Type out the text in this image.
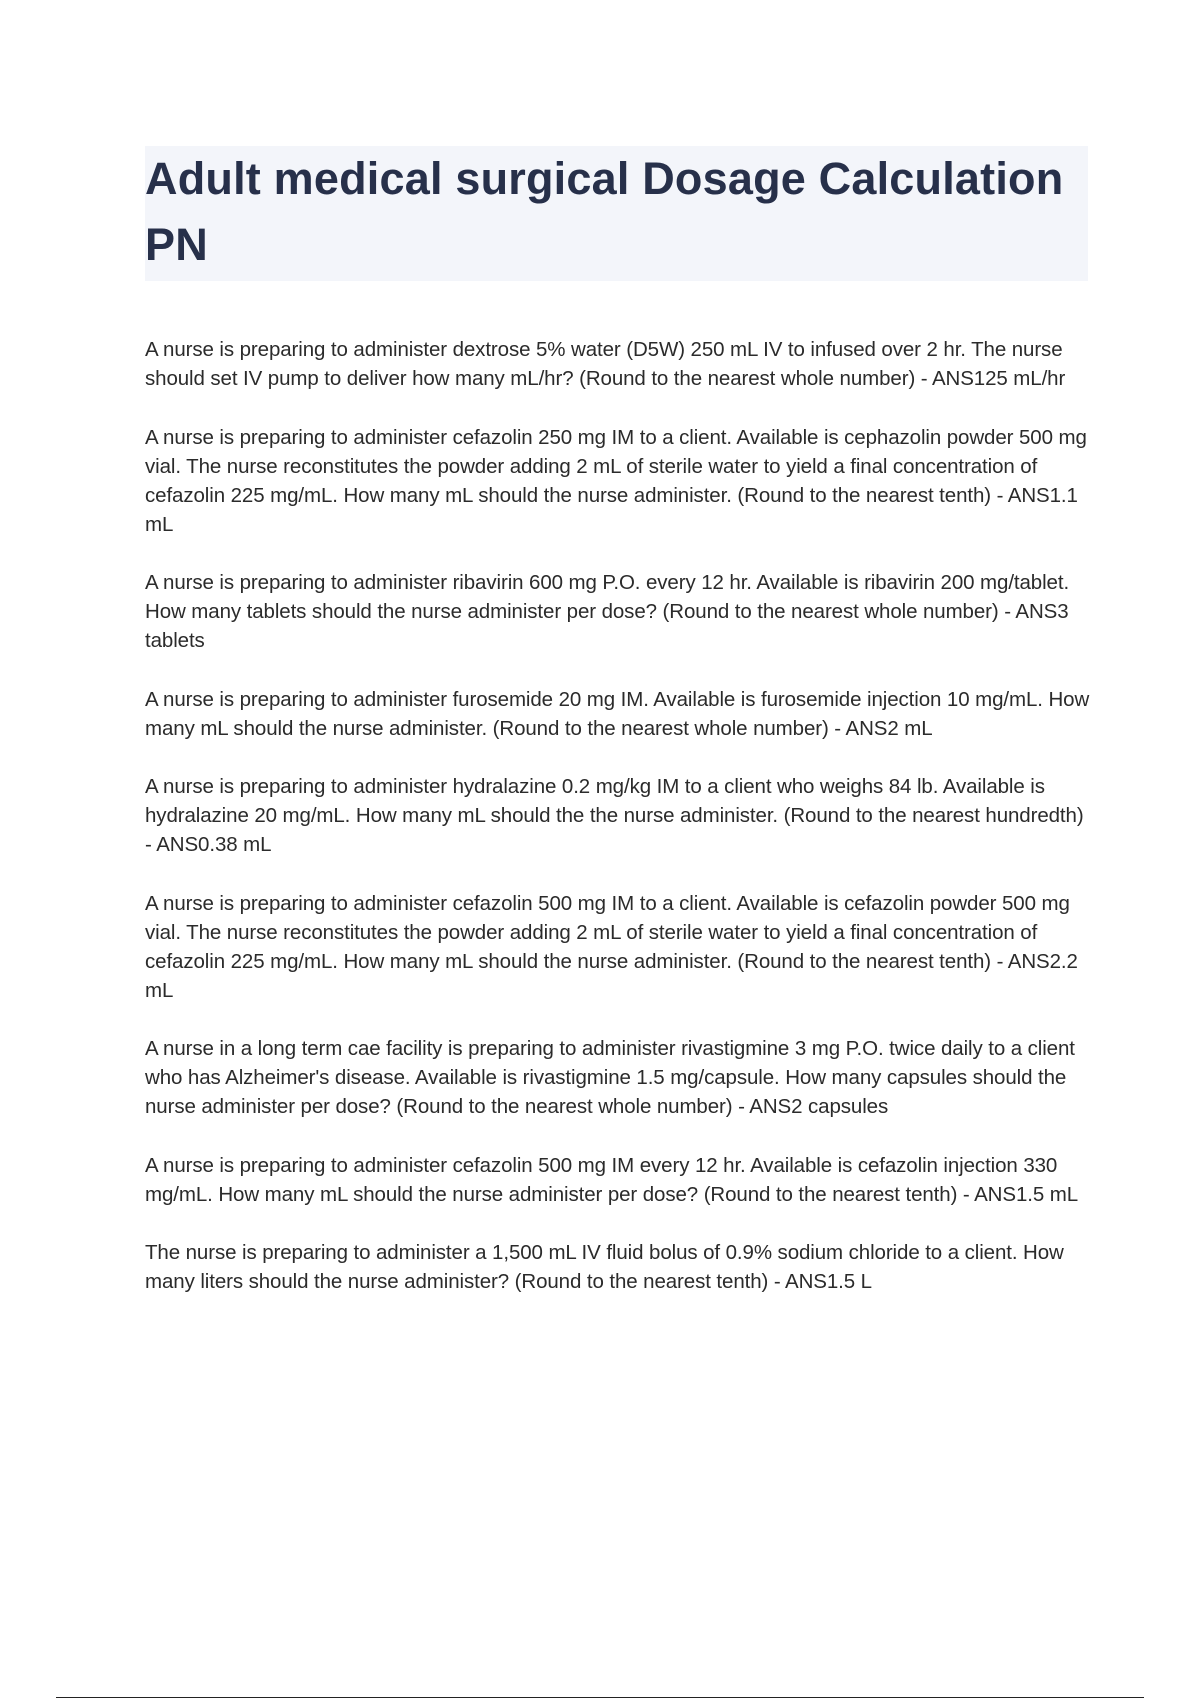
Adult medical surgical Dosage Calculation PN

A nurse is preparing to administer dextrose 5% water (D5W) 250 mL IV to infused over 2 hr. The nurse should set IV pump to deliver how many mL/hr? (Round to the nearest whole number) - ANS125 mL/hr

A nurse is preparing to administer cefazolin 250 mg IM to a client. Available is cephazolin powder 500 mg vial. The nurse reconstitutes the powder adding 2 mL of sterile water to yield a final concentration of cefazolin 225 mg/mL. How many mL should the nurse administer. (Round to the nearest tenth) - ANS1.1 mL

A nurse is preparing to administer ribavirin 600 mg P.O. every 12 hr. Available is ribavirin 200 mg/tablet. How many tablets should the nurse administer per dose? (Round to the nearest whole number) - ANS3 tablets

A nurse is preparing to administer furosemide 20 mg IM. Available is furosemide injection 10 mg/mL. How many mL should the nurse administer. (Round to the nearest whole number) - ANS2 mL

A nurse is preparing to administer hydralazine 0.2 mg/kg IM to a client who weighs 84 lb. Available is hydralazine 20 mg/mL. How many mL should the the nurse administer. (Round to the nearest hundredth) - ANS0.38 mL

A nurse is preparing to administer cefazolin 500 mg IM to a client. Available is cefazolin powder 500 mg vial. The nurse reconstitutes the powder adding 2 mL of sterile water to yield a final concentration of cefazolin 225 mg/mL. How many mL should the nurse administer. (Round to the nearest tenth) - ANS2.2 mL

A nurse in a long term cae facility is preparing to administer rivastigmine 3 mg P.O. twice daily to a client who has Alzheimer's disease. Available is rivastigmine 1.5 mg/capsule. How many capsules should the nurse administer per dose? (Round to the nearest whole number) - ANS2 capsules

A nurse is preparing to administer cefazolin 500 mg IM every 12 hr. Available is cefazolin injection 330 mg/mL. How many mL should the nurse administer per dose? (Round to the nearest tenth) - ANS1.5 mL

The nurse is preparing to administer a 1,500 mL IV fluid bolus of 0.9% sodium chloride to a client. How many liters should the nurse administer? (Round to the nearest tenth) - ANS1.5 L
